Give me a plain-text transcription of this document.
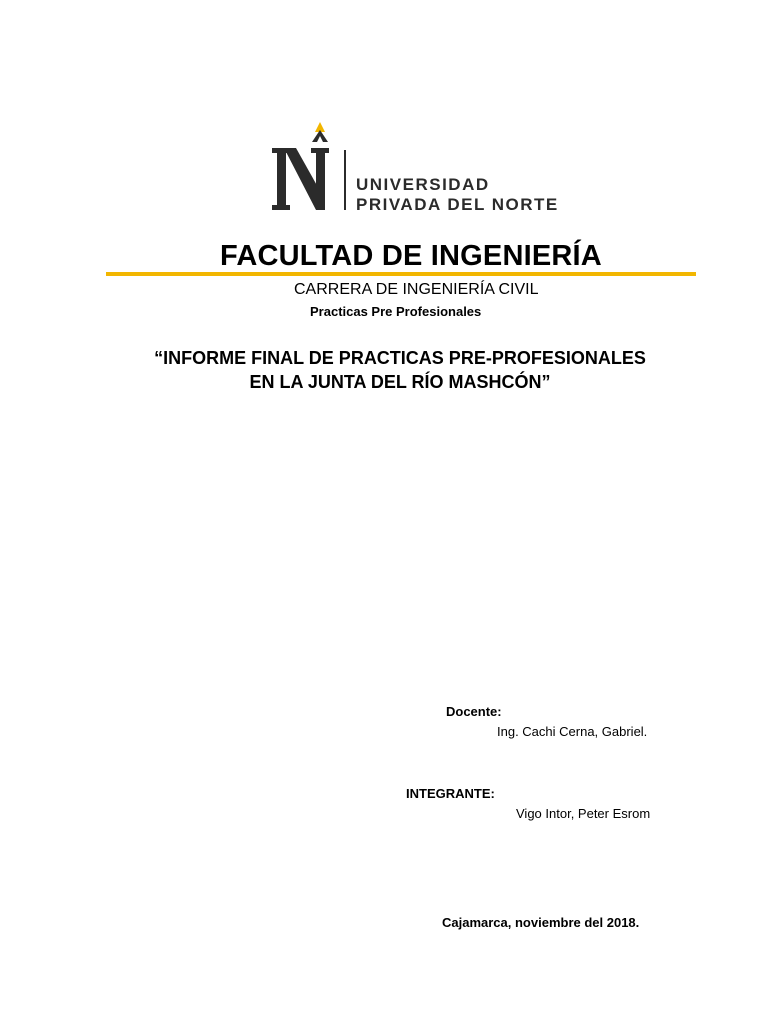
UNIVERSIDAD
PRIVADA DEL NORTE
FACULTAD DE INGENIERÍA
CARRERA DE INGENIERÍA CIVIL
Practicas Pre Profesionales
“INFORME FINAL DE PRACTICAS PRE-PROFESIONALES
EN LA JUNTA DEL RÍO MASHCÓN”
Docente:
Ing. Cachi Cerna, Gabriel.
INTEGRANTE:
Vigo Intor, Peter Esrom
Cajamarca, noviembre del 2018.
